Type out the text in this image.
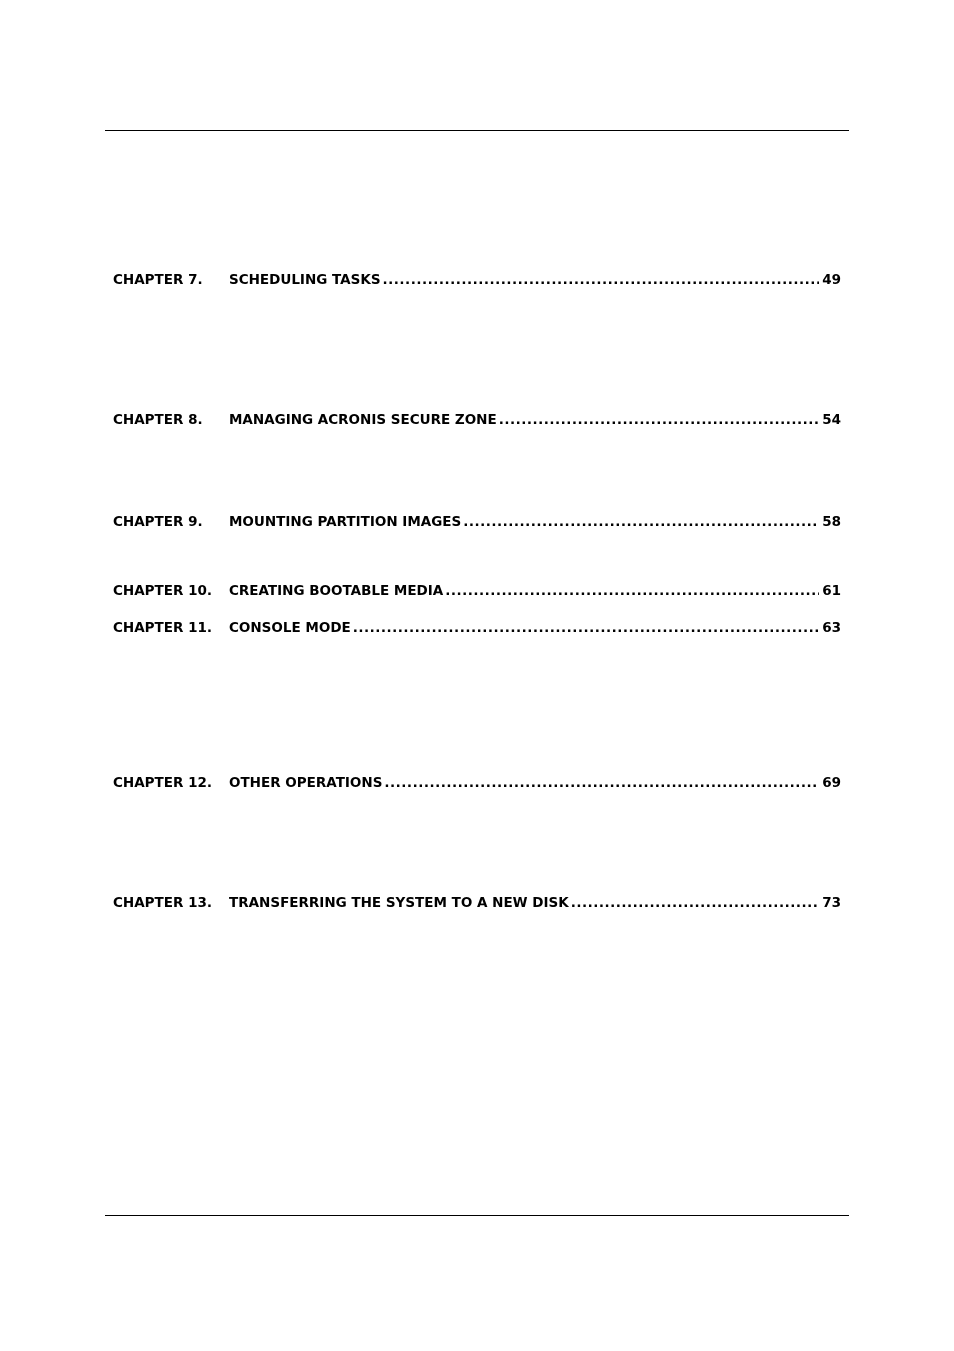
CHAPTER 7.	SCHEDULING TASKS .....	49
CHAPTER 8.	MANAGING ACRONIS SECURE ZONE .....	54
CHAPTER 9.	MOUNTING PARTITION IMAGES .....	58
CHAPTER 10.	CREATING BOOTABLE MEDIA .....	61
CHAPTER 11.	CONSOLE MODE .....	63
CHAPTER 12.	OTHER OPERATIONS .....	69
CHAPTER 13.	TRANSFERRING THE SYSTEM TO A NEW DISK .....	73
